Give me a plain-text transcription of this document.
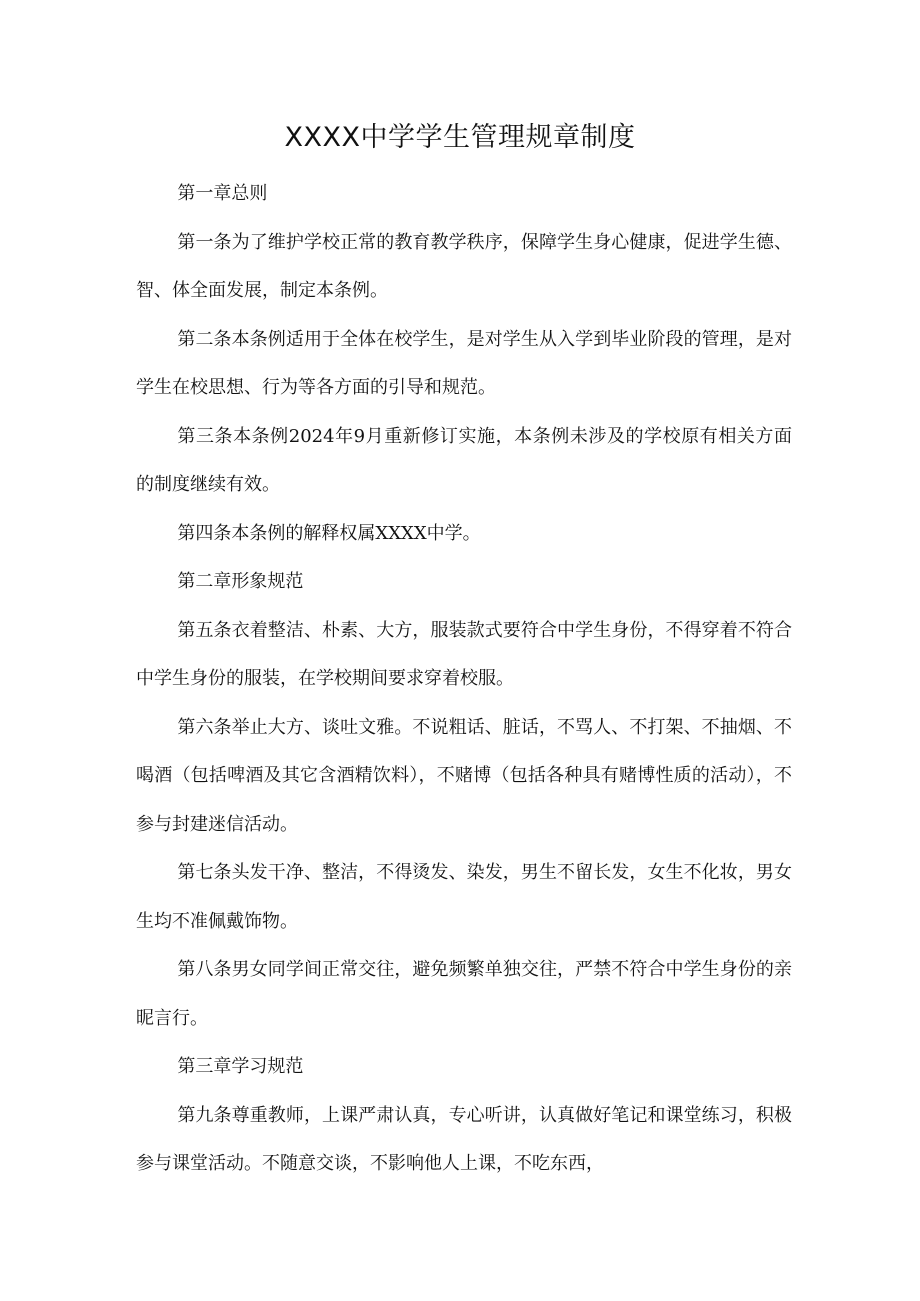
XXXX中学学生管理规章制度

第一章总则

第一条为了维护学校正常的教育教学秩序，保障学生身心健康，促进学生德、智、体全面发展，制定本条例。

第二条本条例适用于全体在校学生，是对学生从入学到毕业阶段的管理，是对学生在校思想、行为等各方面的引导和规范。

第三条本条例2024年9月重新修订实施，本条例未涉及的学校原有相关方面的制度继续有效。

第四条本条例的解释权属XXXX中学。

第二章形象规范

第五条衣着整洁、朴素、大方，服装款式要符合中学生身份，不得穿着不符合中学生身份的服装，在学校期间要求穿着校服。

第六条举止大方、谈吐文雅。不说粗话、脏话，不骂人、不打架、不抽烟、不喝酒（包括啤酒及其它含酒精饮料），不赌博（包括各种具有赌博性质的活动），不参与封建迷信活动。

第七条头发干净、整洁，不得烫发、染发，男生不留长发，女生不化妆，男女生均不准佩戴饰物。

第八条男女同学间正常交往，避免频繁单独交往，严禁不符合中学生身份的亲昵言行。

第三章学习规范

第九条尊重教师，上课严肃认真，专心听讲，认真做好笔记和课堂练习，积极参与课堂活动。不随意交谈，不影响他人上课，不吃东西，
